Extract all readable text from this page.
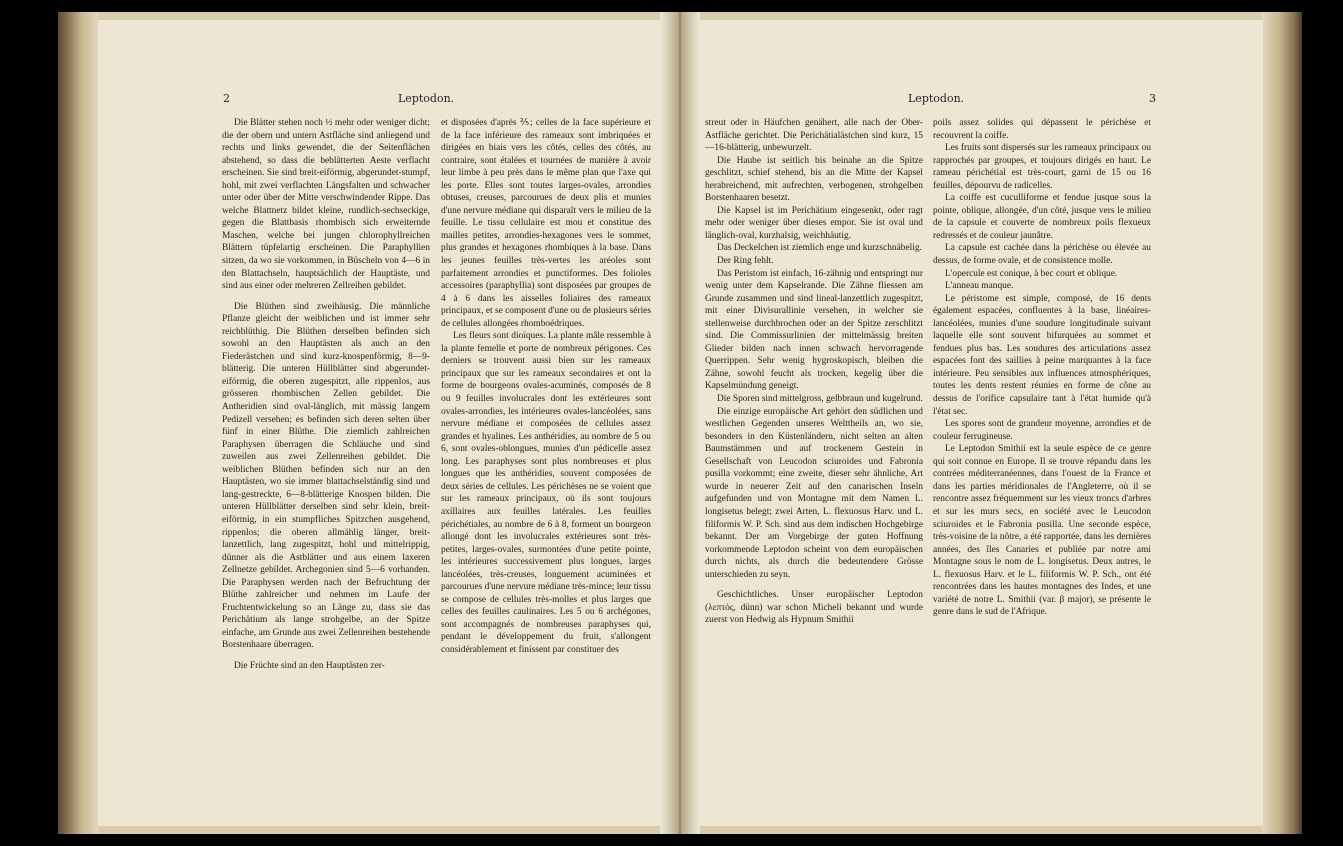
2	Leptodon.

Die Blätter stehen noch ½ mehr oder weniger dicht; die der obern und untern Astfläche sind anliegend und rechts und links gewendet, die der Seitenflächen abstehend, so dass die beblätterten Aeste verflacht erscheinen. Sie sind breit-eiförmig, abgerundet-stumpf, hohl, mit zwei verflachten Längsfalten und schwacher unter oder über der Mitte verschwindender Rippe. Das welche Blattnetz bildet kleine, rundlich-sechseckige, gegen die Blattbasis rhombisch sich erweiternde Maschen, welche bei jungen chlorophyllreichen Blättern tüpfelartig erscheinen. Die Paraphyllien sitzen, da wo sie vorkommen, in Büscheln von 4—6 in den Blattachseln, hauptsächlich der Hauptäste, und sind aus einer oder mehreren Zellreihen gebildet.

Die Blüthen sind zweihäusig. Die männliche Pflanze gleicht der weiblichen und ist immer sehr reichblüthig. Die Blüthen derselben befinden sich sowohl an den Hauptästen als auch an den Fiederästchen und sind kurz-knospenförmig, 8—9-blätterig. Die unteren Hüllblätter sind abgerundet-eiförmig, die oberen zugespitzt, alle rippenlos, aus grösseren rhombischen Zellen gebildet. Die Antheridien sind oval-länglich, mit mässig langem Pedizell versehen; es befinden sich deren selten über fünf in einer Blüthe. Die ziemlich zahlreichen Paraphysen überragen die Schläuche und sind zuweilen aus zwei Zellenreihen gebildet. Die weiblichen Blüthen befinden sich nur an den Hauptästen, wo sie immer blattachselständig sind und lang-gestreckte, 6—8-blätterige Knospen bilden. Die unteren Hüllblätter derselben sind sehr klein, breit-eiförmig, in ein stumpfliches Spitzchen ausgehend, rippenlos; die oberen allmählig länger, breit-lanzettlich, lang zugespitzt, hohl und mittelrippig, dünner als die Astblätter und aus einem laxeren Zellnetze gebildet. Archegonien sind 5—6 vorhanden. Die Paraphysen werden nach der Befruchtung der Blüthe zahlreicher und nehmen im Laufe der Fruchtentwickelung so an Länge zu, dass sie das Perichätium als lange strohgelbe, an der Spitze einfache, am Grunde aus zwei Zellenreihen bestehende Borstenhaare überragen.

Die Früchte sind an den Hauptästen zer-

et disposées d'après ⅖; celles de la face supérieure et de la face inférieure des rameaux sont imbriquées et dirigées en biais vers les côtés, celles des côtés, au contraire, sont étalées et tournées de manière à avoir leur limbe à peu près dans le même plan que l'axe qui les porte. Elles sont toutes larges-ovales, arrondies obtuses, creuses, parcourues de deux plis et munies d'une nervure médiane qui disparaît vers le milieu de la feuille. Le tissu cellulaire est mou et constitue des mailles petites, arrondies-hexagones vers le sommet, plus grandes et hexagones rhombiques à la base. Dans les jeunes feuilles très-vertes les aréoles sont parfaitement arrondies et punctiformes. Des folioles accessoires (paraphyllia) sont disposées par groupes de 4 à 6 dans les aisselles foliaires des rameaux principaux, et se composent d'une ou de plusieurs séries de cellules allongées rhomboédriques.

Les fleurs sont dioïques. La plante mâle ressemble à la plante femelle et porte de nombreux périgones. Ces derniers se trouvent aussi bien sur les rameaux principaux que sur les rameaux secondaires et ont la forme de bourgeons ovales-acuminés, composés de 8 ou 9 feuilles involucrales dont les extérieures sont ovales-arrondies, les intérieures ovales-lancéolées, sans nervure médiane et composées de cellules assez grandes et hyalines. Les anthéridies, au nombre de 5 ou 6, sont ovales-oblongues, munies d'un pédicelle assez long. Les paraphyses sont plus nombreuses et plus longues que les anthéridies, souvent composées de deux séries de cellules. Les périchèses ne se voient que sur les rameaux principaux, où ils sont toujours axillaires aux feuilles latérales. Les feuilles périchétiales, au nombre de 6 à 8, forment un bourgeon allongé dont les involucrales extérieures sont très-petites, larges-ovales, surmontées d'une petite pointe, les intérieures successivement plus longues, larges lancéolées, très-creuses, longuement acuminées et parcourues d'une nervure médiane très-mince; leur tissu se compose de cellules très-molles et plus larges que celles des feuilles caulinaires. Les 5 ou 6 archégones, sont accompagnés de nombreuses paraphyses qui, pendant le développement du fruit, s'allongent considérablement et finissent par constituer des

Leptodon.	3

streut oder in Häufchen genähert, alle nach der Ober-Astfläche gerichtet. Die Perichätialästchen sind kurz, 15—16-blätterig, unbewurzelt.

Die Haube ist seitlich bis beinahe an die Spitze geschlitzt, schief stehend, bis an die Mitte der Kapsel herabreichend, mit aufrechten, verbogenen, strohgelben Borstenhaaren besetzt.

Die Kapsel ist im Perichätium eingesenkt, oder ragt mehr oder weniger über dieses empor. Sie ist oval und länglich-oval, kurzhalsig, weichhäutig.

Das Deckelchen ist ziemlich enge und kurzschnäbelig.

Der Ring fehlt.

Das Peristom ist einfach, 16-zähnig und entspringt nur wenig unter dem Kapselrande. Die Zähne fliessen am Grunde zusammen und sind lineal-lanzettlich zugespitzt, mit einer Divisurallinie versehen, in welcher sie stellenweise durchbrochen oder an der Spitze zerschlitzt sind. Die Commissurlinien der mittelmässig breiten Glieder bilden nach innen schwach hervorragende Querrippen. Sehr wenig hygroskopisch, bleiben die Zähne, sowohl feucht als trocken, kegelig über die Kapselmündung geneigt.

Die Sporen sind mittelgross, gelbbraun und kugelrund.

Die einzige europäische Art gehört den südlichen und westlichen Gegenden unseres Welttheils an, wo sie, besonders in den Küstenländern, nicht selten an alten Baumstämmen und auf trockenem Gestein in Gesellschaft von Leucodon sciuroides und Fabronia pusilla vorkommt; eine zweite, dieser sehr ähnliche, Art wurde in neuerer Zeit auf den canarischen Inseln aufgefunden und von Montagne mit dem Namen L. longisetus belegt; zwei Arten, L. flexuosus Harv. und L. filiformis W. P. Sch. sind aus dem indischen Hochgebirge bekannt. Der am Vorgebirge der guten Hoffnung vorkommende Leptodon scheint von dem europäischen durch nichts, als durch die bedeutendere Grösse unterschieden zu seyn.

Geschichtliches. Unser europäischer Leptodon (λεπτός, dünn) war schon Micheli bekannt und wurde zuerst von Hedwig als Hypnum Smithii

poils assez solides qui dépassent le périchèse et recouvrent la coiffe.

Les fruits sont dispersés sur les rameaux principaux ou rapprochés par groupes, et toujours dirigés en haut. Le rameau périchétial est très-court, garni de 15 ou 16 feuilles, dépourvu de radicelles.

La coiffe est cuculliforme et fendue jusque sous la pointe, oblique, allongée, d'un côté, jusque vers le milieu de la capsule et couverte de nombreux poils flexueux redressés et de couleur jaunâtre.

La capsule est cachée dans la périchèse ou élevée au dessus, de forme ovale, et de consistence molle.

L'opercule est conique, à bec court et oblique.

L'anneau manque.

Le péristome est simple, composé, de 16 dents également espacées, confluentes à la base, linéaires-lancéolées, munies d'une soudure longitudinale suivant laquelle elle sont souvent bifurquées au sommet et fendues plus bas. Les soudures des articulations assez espacées font des saillies à peine marquantes à la face intérieure. Peu sensibles aux influences atmosphériques, toutes les dents restent réunies en forme de cône au dessus de l'orifice capsulaire tant à l'état humide qu'à l'état sec.

Les spores sont de grandeur moyenne, arrondies et de couleur ferrugineuse.

Le Leptodon Smithii est la seule espèce de ce genre qui soit connue en Europe. Il se trouve répandu dans les contrées méditerranéennes, dans l'ouest de la France et dans les parties méridionales de l'Angleterre, où il se rencontre assez fréquemment sur les vieux troncs d'arbres et sur les murs secs, en société avec le Leucodon sciuroides et le Fabronia pusilla. Une seconde espèce, très-voisine de la nôtre, a été rapportée, dans les dernières années, des îles Canaries et publiée par notre ami Montagne sous le nom de L. longisetus. Deux autres, le L. flexuosus Harv. et le L. filiformis W. P. Sch., ont été rencontrées dans les hautes montagnes des Indes, et une variété de notre L. Smithii (var. β major), se présente le genre dans le sud de l'Afrique.
